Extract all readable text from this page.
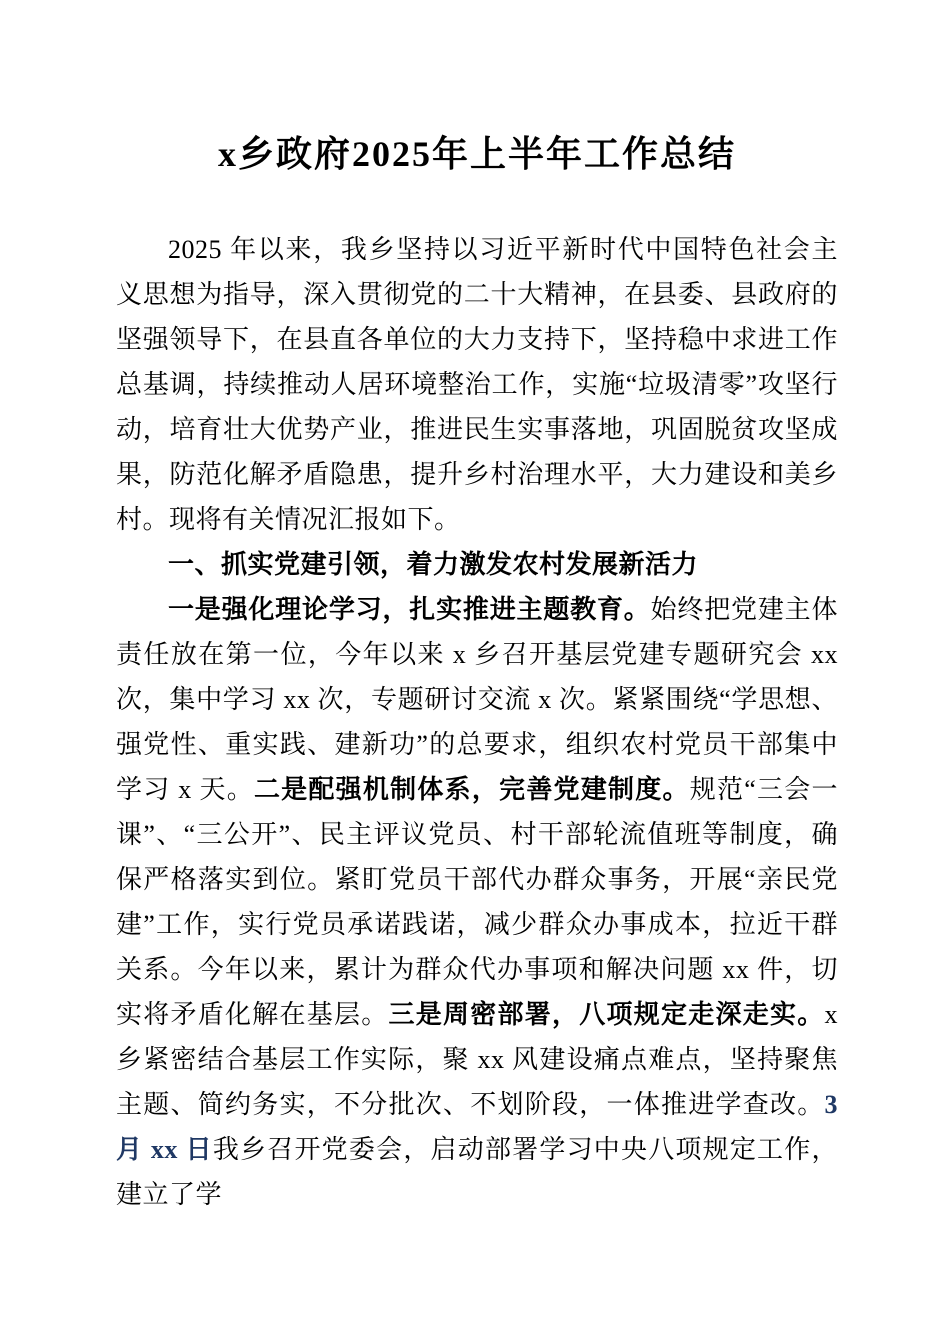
x乡政府2025年上半年工作总结

2025 年以来，我乡坚持以习近平新时代中国特色社会主义思想为指导，深入贯彻党的二十大精神，在县委、县政府的坚强领导下，在县直各单位的大力支持下，坚持稳中求进工作总基调，持续推动人居环境整治工作，实施“垃圾清零”攻坚行动，培育壮大优势产业，推进民生实事落地，巩固脱贫攻坚成果，防范化解矛盾隐患，提升乡村治理水平，大力建设和美乡村。现将有关情况汇报如下。

一、抓实党建引领，着力激发农村发展新活力

一是强化理论学习，扎实推进主题教育。始终把党建主体责任放在第一位，今年以来 x 乡召开基层党建专题研究会 xx 次，集中学习 xx 次，专题研讨交流 x 次。紧紧围绕“学思想、强党性、重实践、建新功”的总要求，组织农村党员干部集中学习 x 天。二是配强机制体系，完善党建制度。规范“三会一课”、“三公开”、民主评议党员、村干部轮流值班等制度，确保严格落实到位。紧盯党员干部代办群众事务，开展“亲民党建”工作，实行党员承诺践诺，减少群众办事成本，拉近干群关系。今年以来，累计为群众代办事项和解决问题 xx 件，切实将矛盾化解在基层。三是周密部署，八项规定走深走实。x 乡紧密结合基层工作实际，聚 xx 风建设痛点难点，坚持聚焦主题、简约务实，不分批次、不划阶段，一体推进学查改。3 月 xx 日我乡召开党委会，启动部署学习中央八项规定工作，建立了学
